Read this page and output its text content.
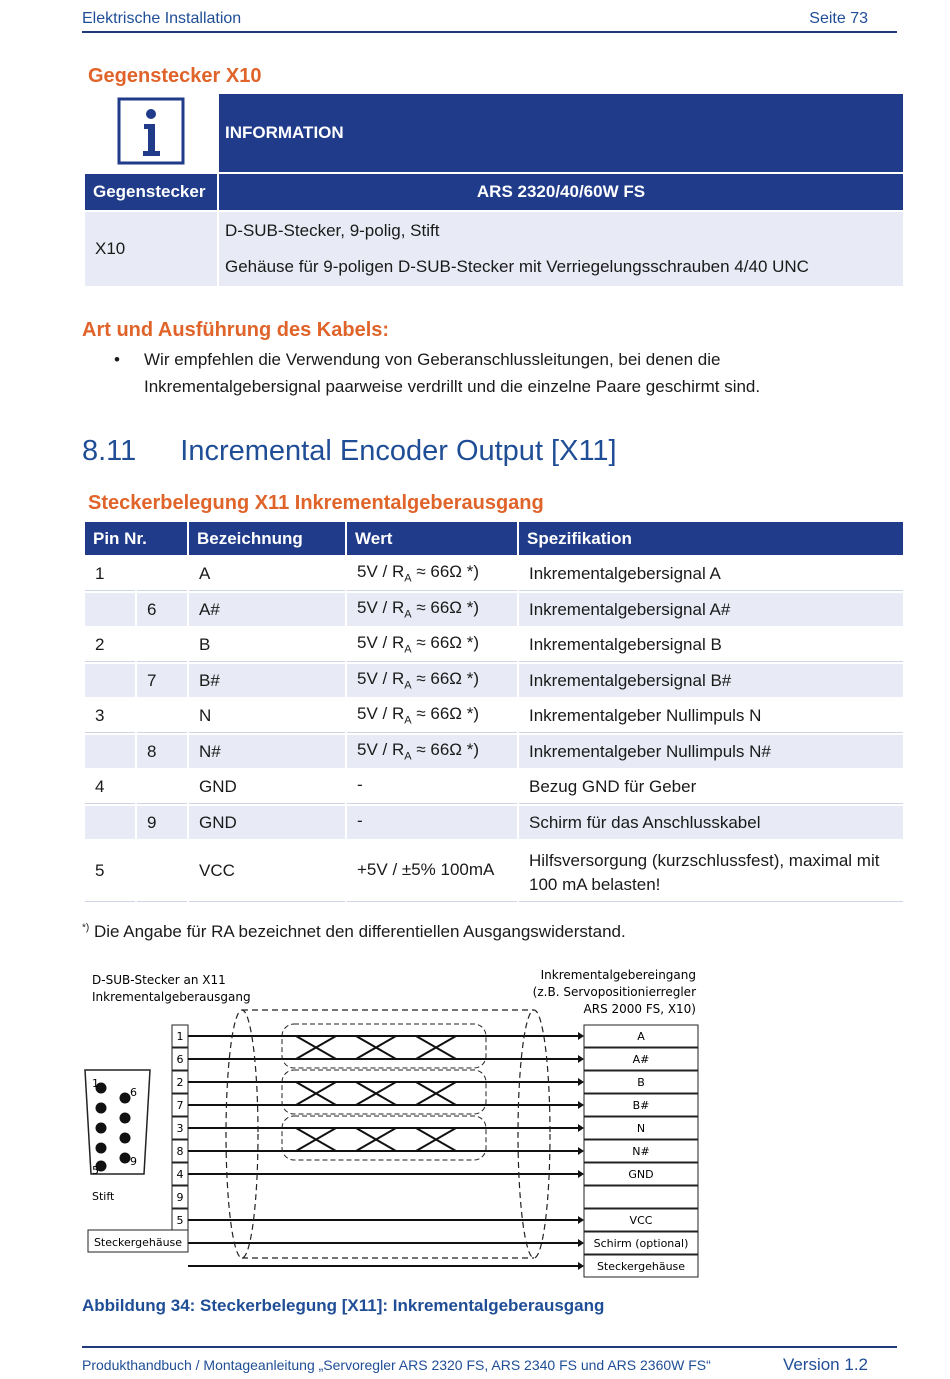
Elektrische Installation	Seite 73
Gegenstecker X10
	INFORMATION
Gegenstecker	ARS 2320/40/60W FS
X10	D-SUB-Stecker, 9-polig, Stift
Gehäuse für 9-poligen D-SUB-Stecker mit Verriegelungsschrauben 4/40 UNC
Art und Ausführung des Kabels:
• Wir empfehlen die Verwendung von Geberanschlussleitungen, bei denen die Inkrementalgebersignal paarweise verdrillt und die einzelne Paare geschirmt sind.
8.11 Incremental Encoder Output [X11]
Steckerbelegung X11 Inkrementalgeberausgang
Pin Nr.		Bezeichnung	Wert	Spezifikation
1		A	$5V / R_A \approx 66\Omega$ *)	Inkrementalgebersignal A
	6	A#	$5V / R_A \approx 66\Omega$ *)	Inkrementalgebersignal A#
2		B	$5V / R_A \approx 66\Omega$ *)	Inkrementalgebersignal B
	7	B#	$5V / R_A \approx 66\Omega$ *)	Inkrementalgebersignal B#
3		N	$5V / R_A \approx 66\Omega$ *)	Inkrementalgeber Nullimpuls N
	8	N#	$5V / R_A \approx 66\Omega$ *)	Inkrementalgeber Nullimpuls N#
4		GND	-	Bezug GND für Geber
	9	GND	-	Schirm für das Anschlusskabel
5		VCC	+5V / ±5% 100mA	Hilfsversorgung (kurzschlussfest), maximal mit 100 mA belasten!
*) Die Angabe für RA bezeichnet den differentiellen Ausgangswiderstand.
D-SUB-Stecker an X11
Inkrementalgeberausgang
Inkrementalgebereingang
(z.B. Servopositionierregler
ARS 2000 FS, X10)
1
6
5
9
Stift
1
6
2
7
3
8
4
9
5
A
A#
B
B#
N
N#
GND
VCC
Schirm (optional)
Steckergehäuse
Steckergehäuse
Abbildung 34: Steckerbelegung [X11]: Inkrementalgeberausgang
Produkthandbuch / Montageanleitung „Servoregler ARS 2320 FS, ARS 2340 FS und ARS 2360W FS“	Version 1.2
